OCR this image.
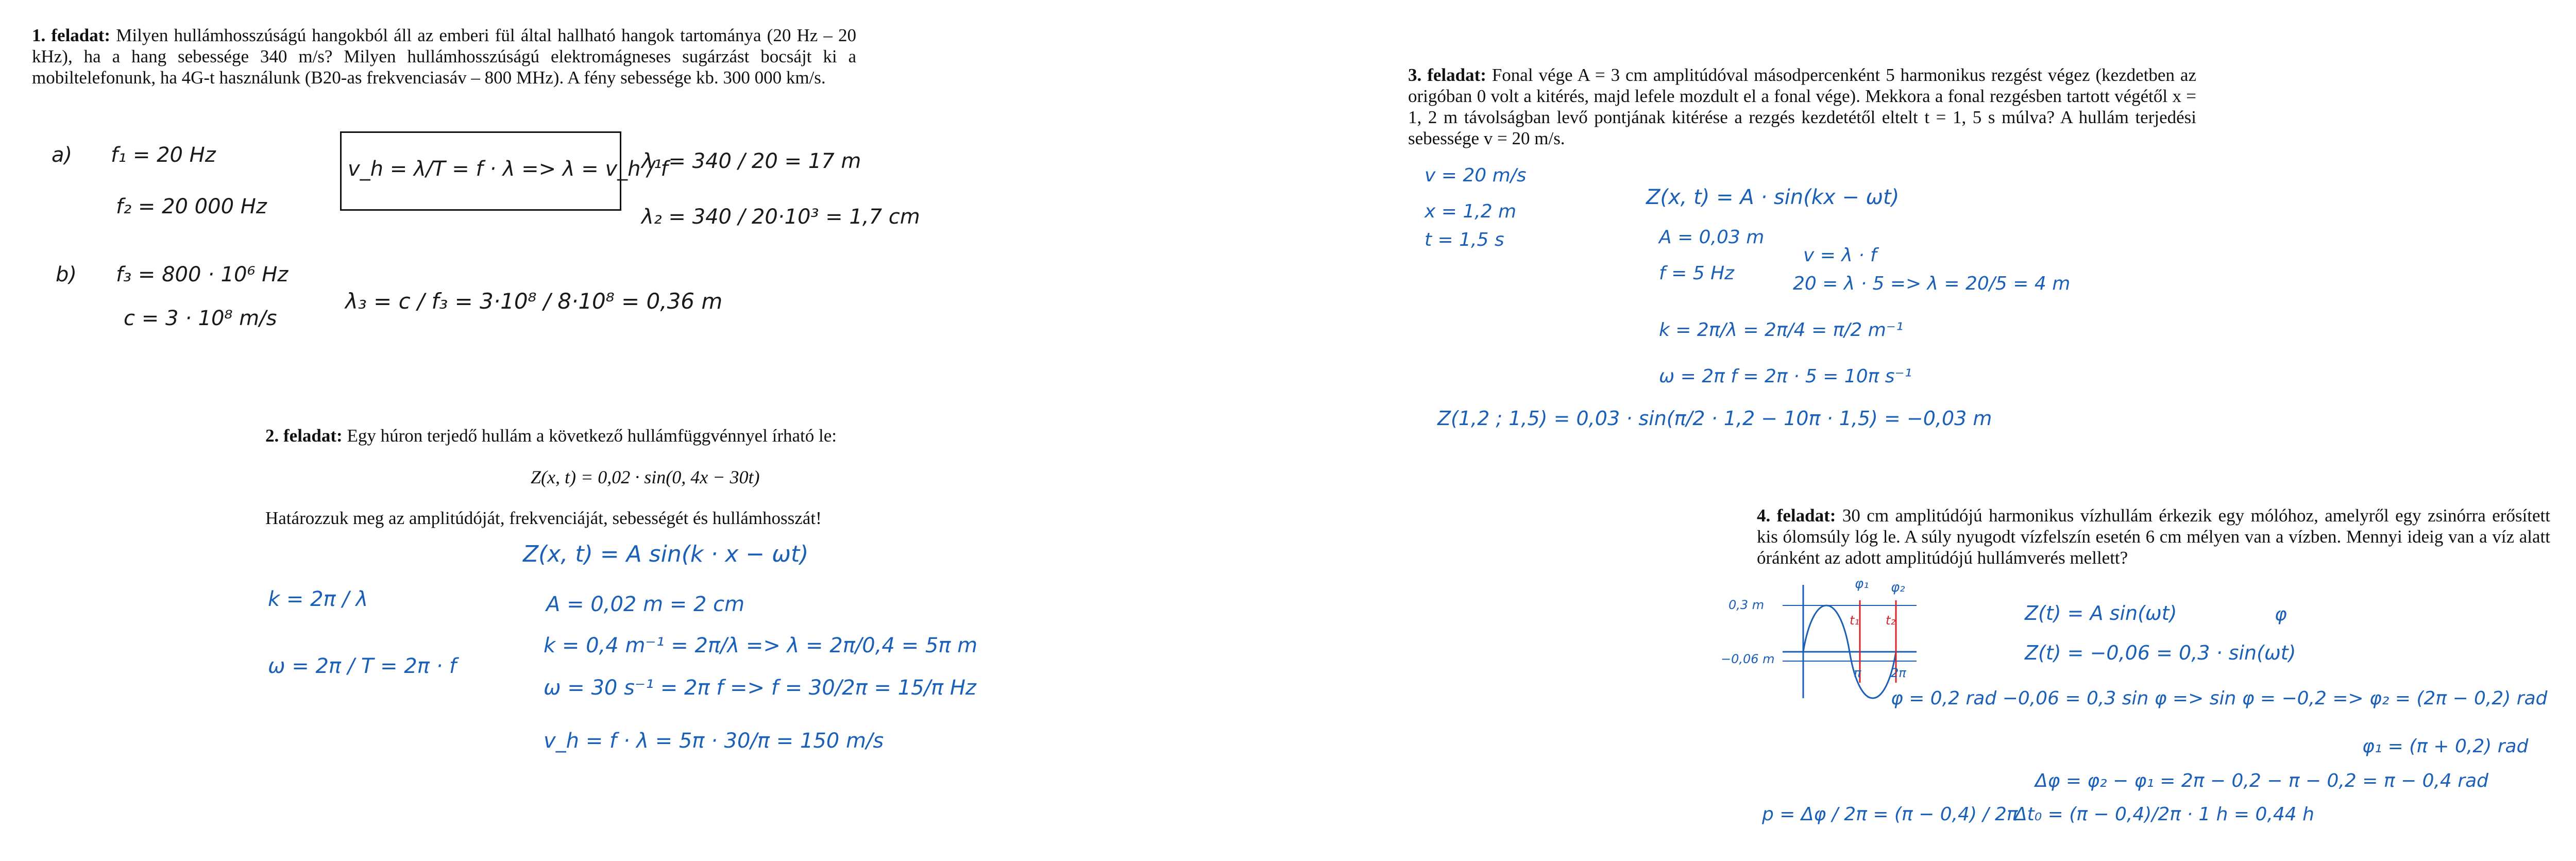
1. feladat: Milyen hullámhosszúságú hangokból áll az emberi fül által hallható hangok tartománya (20 Hz – 20 kHz), ha a hang sebessége 340 m/s? Milyen hullámhosszúságú elektromágneses sugárzást bocsájt ki a mobiltelefonunk, ha 4G-t használunk (B20-as frekvenciasáv – 800 MHz). A fény sebessége kb. 300 000 km/s.
a) f₁ = 20 Hz
f₂ = 20 000 Hz
v_h = λ/T = f · λ => λ = v_h / f
λ₁ = 340 / 20 = 17 m
λ₂ = 340 / 20·10³ = 1,7 cm
b) f₃ = 800 · 10⁶ Hz
c = 3 · 10⁸ m/s
λ₃ = c / f₃ = 3·10⁸ / 8·10⁸ = 0,36 m
2. feladat: Egy húron terjedő hullám a következő hullámfüggvénnyel írható le:
Z(x, t) = 0,02 · sin(0, 4x − 30t)
Határozzuk meg az amplitúdóját, frekvenciáját, sebességét és hullámhosszát!
Z(x, t) = A sin(k · x − ωt)
k = 2π / λ
ω = 2π / T = 2π · f
A = 0,02 m = 2 cm
k = 0,4 m⁻¹ = 2π/λ => λ = 2π/0,4 = 5π m
ω = 30 s⁻¹ = 2π f => f = 30/2π = 15/π Hz
v_h = f · λ = 5π · 30/π = 150 m/s
3. feladat: Fonal vége A = 3 cm amplitúdóval másodpercenként 5 harmonikus rezgést végez (kezdetben az origóban 0 volt a kitérés, majd lefele mozdult el a fonal vége). Mekkora a fonal rezgésben tartott végétől x = 1, 2 m távolságban levő pontjának kitérése a rezgés kezdetétől eltelt t = 1, 5 s múlva? A hullám terjedési sebessége v = 20 m/s.
v = 20 m/s
x = 1,2 m
t = 1,5 s
Z(x, t) = A · sin(kx − ωt)
A = 0,03 m
f = 5 Hz
v = λ · f
20 = λ · 5 => λ = 20/5 = 4 m
k = 2π/λ = 2π/4 = π/2 m⁻¹
ω = 2π f = 2π · 5 = 10π s⁻¹
Z(1,2 ; 1,5) = 0,03 · sin(π/2 · 1,2 − 10π · 1,5) = −0,03 m
4. feladat: 30 cm amplitúdójú harmonikus vízhullám érkezik egy mólóhoz, amelyről egy zsinórra erősített kis ólomsúly lóg le. A súly nyugodt vízfelszín esetén 6 cm mélyen van a vízben. Mennyi ideig van a víz alatt óránként az adott amplitúdójú hullámverés mellett?
0,3 m
−0,06 m
φ₁ φ₂
t₁ t₂
π 2π
Z(t) = A sin(ωt)	φ
Z(t) = −0,06 = 0,3 · sin(ωt)
φ = 0,2 rad −0,06 = 0,3 sin φ => sin φ = −0,2 => φ₂ = (2π − 0,2) rad
φ₁ = (π + 0,2) rad
Δφ = φ₂ − φ₁ = 2π − 0,2 − π − 0,2 = π − 0,4 rad
p = Δφ / 2π = (π − 0,4) / 2π
Δt₀ = (π − 0,4)/2π · 1 h = 0,44 h
